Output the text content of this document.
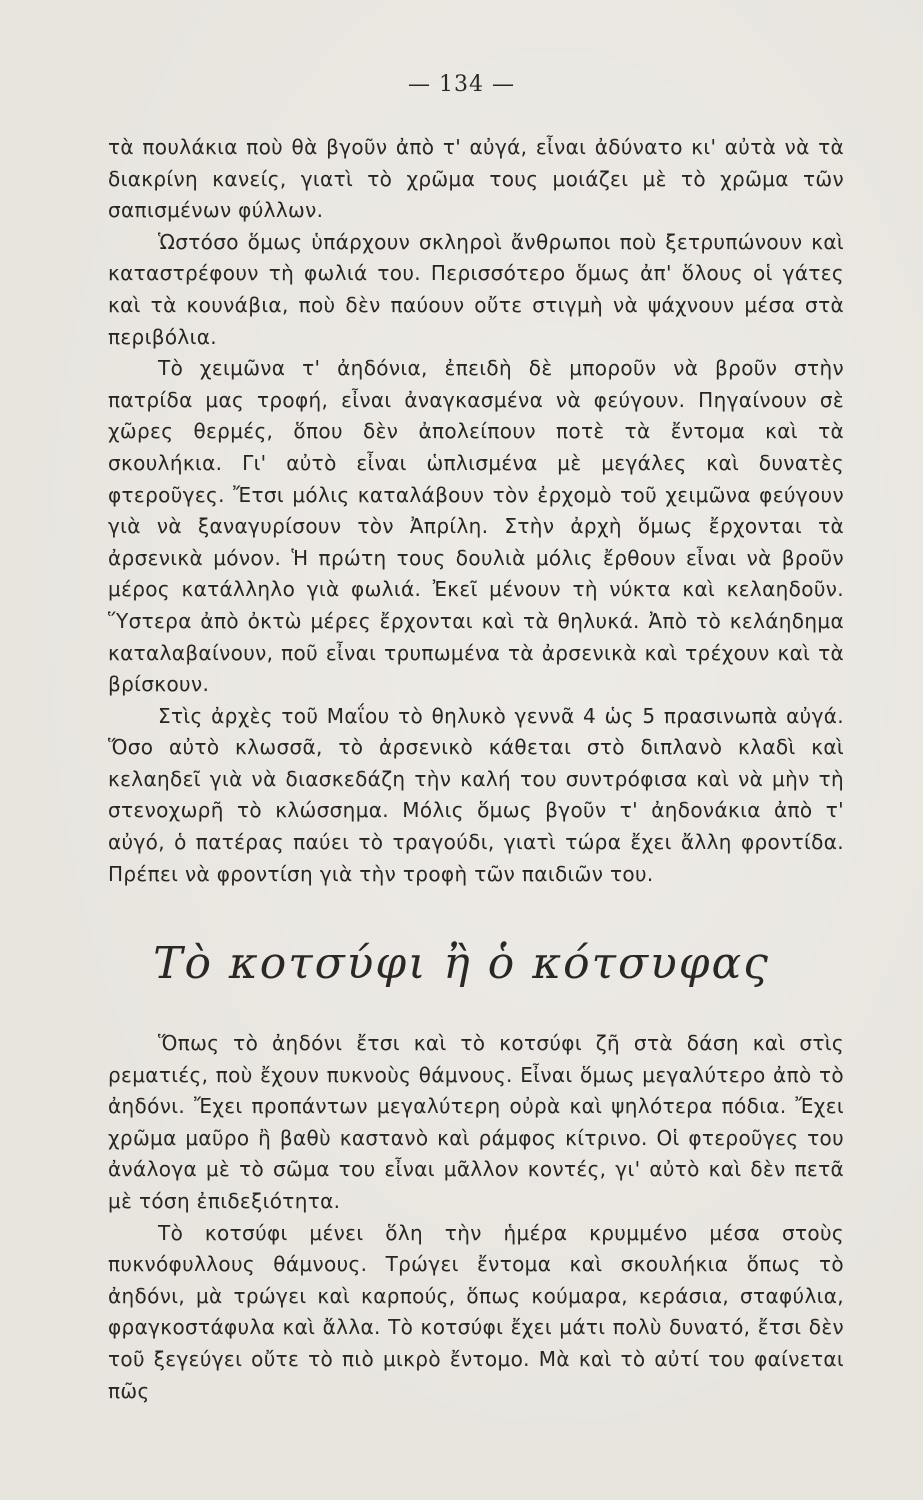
— 134 —

τὰ πουλάκια ποὺ θὰ βγοῦν ἀπὸ τ' αὐγά, εἶναι ἀδύνατο κι' αὐτὰ νὰ τὰ διακρίνη κανείς, γιατὶ τὸ χρῶμα τους μοιάζει μὲ τὸ χρῶμα τῶν σαπισμένων φύλλων.

Ὡστόσο ὅμως ὑπάρχουν σκληροὶ ἄνθρωποι ποὺ ξετρυπώνουν καὶ καταστρέφουν τὴ φωλιά του. Περισσότερο ὅμως ἀπ' ὅλους οἱ γάτες καὶ τὰ κουνάβια, ποὺ δὲν παύουν οὔτε στιγμὴ νὰ ψάχνουν μέσα στὰ περιβόλια.

Τὸ χειμῶνα τ' ἀηδόνια, ἐπειδὴ δὲ μποροῦν νὰ βροῦν στὴν πατρίδα μας τροφή, εἶναι ἀναγκασμένα νὰ φεύγουν. Πηγαίνουν σὲ χῶρες θερμές, ὅπου δὲν ἀπολείπουν ποτὲ τὰ ἔντομα καὶ τὰ σκουλήκια. Γι' αὐτὸ εἶναι ὡπλισμένα μὲ μεγάλες καὶ δυνατὲς φτεροῦγες. Ἔτσι μόλις καταλάβουν τὸν ἐρχομὸ τοῦ χειμῶνα φεύγουν γιὰ νὰ ξαναγυρίσουν τὸν Ἀπρίλη. Στὴν ἀρχὴ ὅμως ἔρχονται τὰ ἀρσενικὰ μόνον. Ἡ πρώτη τους δουλιὰ μόλις ἔρθουν εἶναι νὰ βροῦν μέρος κατάλληλο γιὰ φωλιά. Ἐκεῖ μένουν τὴ νύκτα καὶ κελαηδοῦν. Ὕστερα ἀπὸ ὀκτὼ μέρες ἔρχονται καὶ τὰ θηλυκά. Ἀπὸ τὸ κελάηδημα καταλαβαίνουν, ποῦ εἶναι τρυπωμένα τὰ ἀρσενικὰ καὶ τρέχουν καὶ τὰ βρίσκουν.

Στὶς ἀρχὲς τοῦ Μαΐου τὸ θηλυκὸ γεννᾶ 4 ὡς 5 πρασινωπὰ αὐγά. Ὅσο αὐτὸ κλωσσᾶ, τὸ ἀρσενικὸ κάθεται στὸ διπλανὸ κλαδὶ καὶ κελαηδεῖ γιὰ νὰ διασκεδάζη τὴν καλή του συντρόφισα καὶ νὰ μὴν τὴ στενοχωρῆ τὸ κλώσσημα. Μόλις ὅμως βγοῦν τ' ἀηδονάκια ἀπὸ τ' αὐγό, ὁ πατέρας παύει τὸ τραγούδι, γιατὶ τώρα ἔχει ἄλλη φροντίδα. Πρέπει νὰ φροντίση γιὰ τὴν τροφὴ τῶν παιδιῶν του.

Τὸ κοτσύφι ἢ ὁ κότσυφας

Ὅπως τὸ ἀηδόνι ἔτσι καὶ τὸ κοτσύφι ζῆ στὰ δάση καὶ στὶς ρεματιές, ποὺ ἔχουν πυκνοὺς θάμνους. Εἶναι ὅμως μεγαλύτερο ἀπὸ τὸ ἀηδόνι. Ἔχει προπάντων μεγαλύτερη οὐρὰ καὶ ψηλότερα πόδια. Ἔχει χρῶμα μαῦρο ἢ βαθὺ καστανὸ καὶ ράμφος κίτρινο. Οἱ φτεροῦγες του ἀνάλογα μὲ τὸ σῶμα του εἶναι μᾶλλον κοντές, γι' αὐτὸ καὶ δὲν πετᾶ μὲ τόση ἐπιδεξιότητα.

Τὸ κοτσύφι μένει ὅλη τὴν ἡμέρα κρυμμένο μέσα στοὺς πυκνόφυλλους θάμνους. Τρώγει ἔντομα καὶ σκουλήκια ὅπως τὸ ἀηδόνι, μὰ τρώγει καὶ καρπούς, ὅπως κούμαρα, κεράσια, σταφύλια, φραγκοστάφυλα καὶ ἄλλα. Τὸ κοτσύφι ἔχει μάτι πολὺ δυνατό, ἔτσι δὲν τοῦ ξεγεύγει οὔτε τὸ πιὸ μικρὸ ἔντομο. Μὰ καὶ τὸ αὐτί του φαίνεται πῶς
